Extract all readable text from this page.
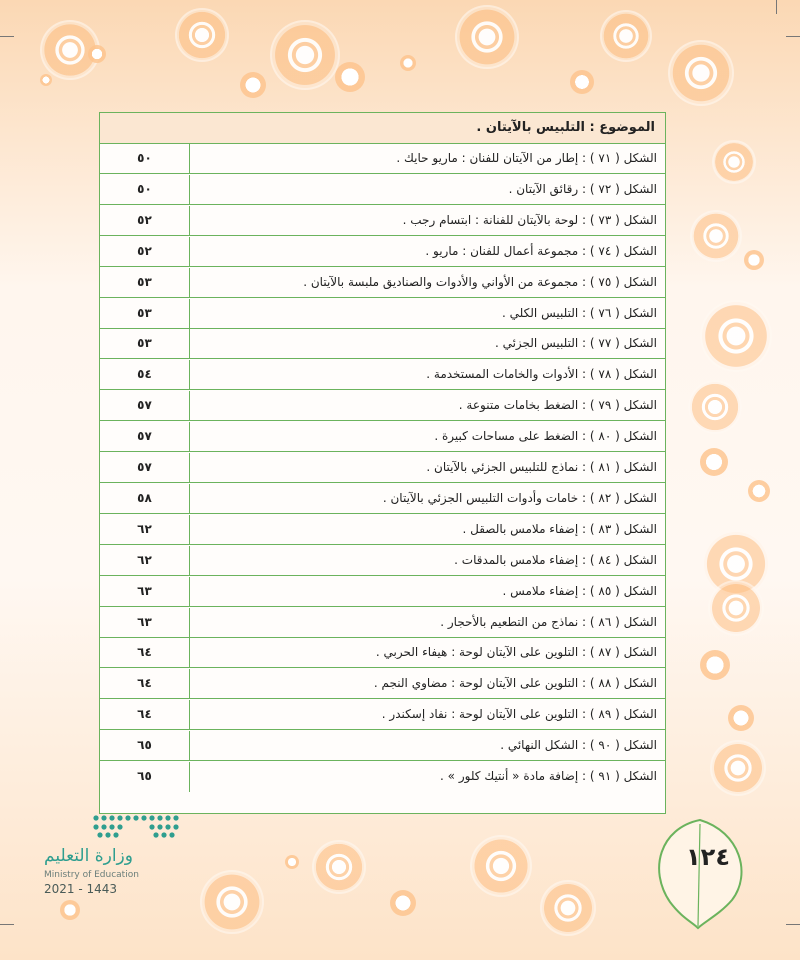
الموضوع : التلبيس بالآيتان .
٥٠	الشكل ( ٧١ ) : إطار من الآيتان للفنان : ماريو حايك .
٥٠	الشكل ( ٧٢ ) : رقائق الآيتان .
٥٢	الشكل ( ٧٣ ) : لوحة بالآيتان للفنانة : ابتسام رجب .
٥٢	الشكل ( ٧٤ ) : مجموعة أعمال للفنان : ماريو .
٥٣	الشكل ( ٧٥ ) : مجموعة من الأواني والأدوات والصناديق ملبسة بالآيتان .
٥٣	الشكل ( ٧٦ ) : التلبيس الكلي .
٥٣	الشكل ( ٧٧ ) : التلبيس الجزئي .
٥٤	الشكل ( ٧٨ ) : الأدوات والخامات المستخدمة .
٥٧	الشكل ( ٧٩ ) : الضغط بخامات متنوعة .
٥٧	الشكل ( ٨٠ ) : الضغط على مساحات كبيرة .
٥٧	الشكل ( ٨١ ) : نماذج للتلبيس الجزئي بالآيتان .
٥٨	الشكل ( ٨٢ ) : خامات وأدوات التلبيس الجزئي بالآيتان .
٦٢	الشكل ( ٨٣ ) : إضفاء ملامس بالصقل .
٦٢	الشكل ( ٨٤ ) : إضفاء ملامس بالمدقات .
٦٣	الشكل ( ٨٥ ) : إضفاء ملامس .
٦٣	الشكل ( ٨٦ ) : نماذج من التطعيم بالأحجار .
٦٤	الشكل ( ٨٧ ) : التلوين على الآيتان لوحة : هيفاء الحربي .
٦٤	الشكل ( ٨٨ ) : التلوين على الآيتان لوحة : مضاوي النجم .
٦٤	الشكل ( ٨٩ ) : التلوين على الآيتان لوحة : نفاد إسكندر .
٦٥	الشكل ( ٩٠ ) : الشكل النهائي .
٦٥	الشكل ( ٩١ ) : إضافة مادة « أنتيك كلور » .
١٢٤
وزارة التعليم
Ministry of Education
2021 - 1443
